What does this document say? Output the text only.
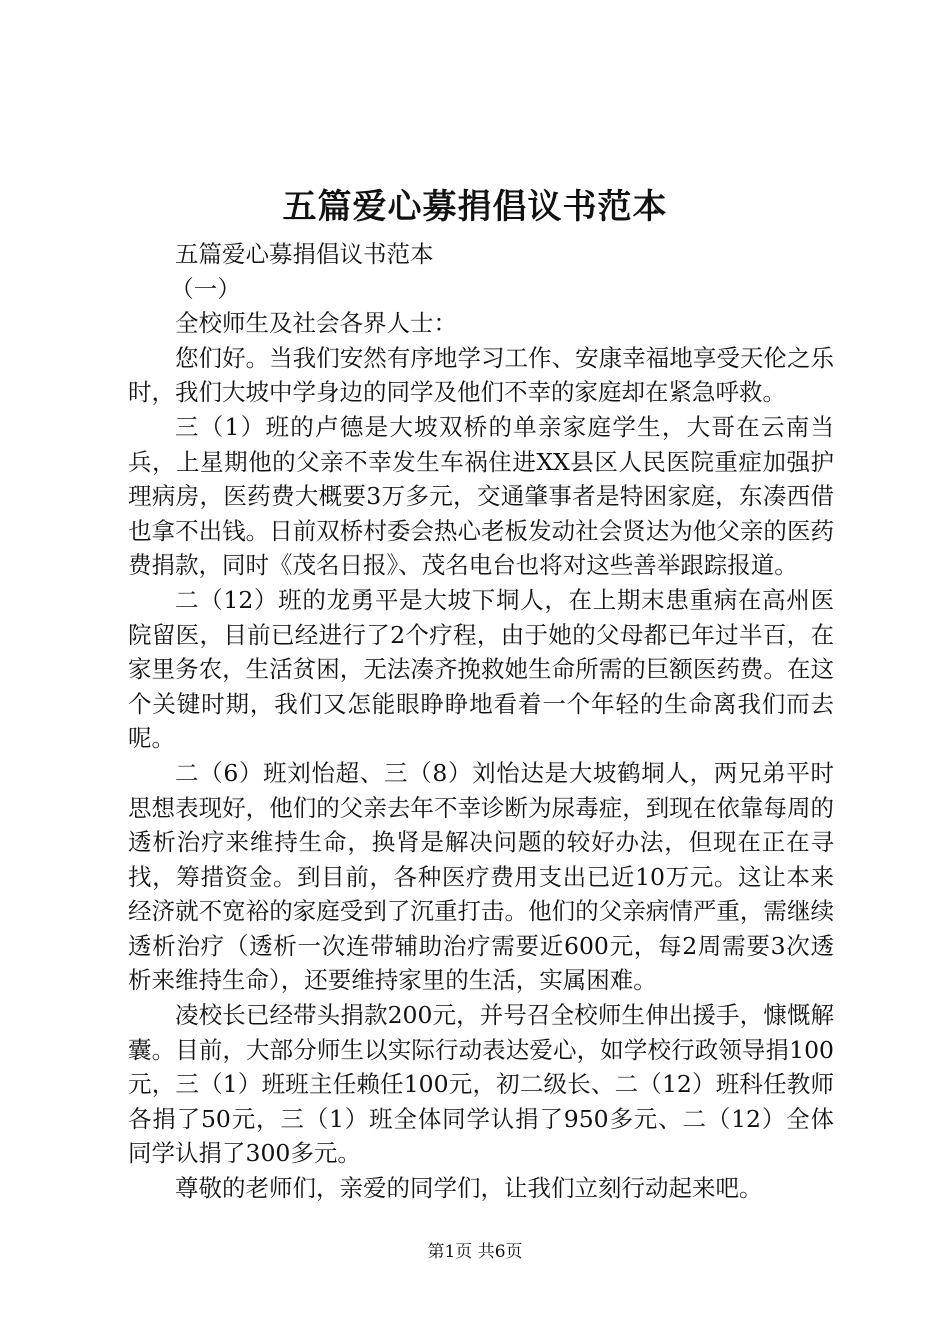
五篇爱心募捐倡议书范本

五篇爱心募捐倡议书范本

（一）

全校师生及社会各界人士：

您们好。当我们安然有序地学习工作、安康幸福地享受天伦之乐时，我们大坡中学身边的同学及他们不幸的家庭却在紧急呼救。

三（1）班的卢德是大坡双桥的单亲家庭学生，大哥在云南当兵，上星期他的父亲不幸发生车祸住进XX县区人民医院重症加强护理病房，医药费大概要3万多元，交通肇事者是特困家庭，东凑西借也拿不出钱。日前双桥村委会热心老板发动社会贤达为他父亲的医药费捐款，同时《茂名日报》、茂名电台也将对这些善举跟踪报道。

二（12）班的龙勇平是大坡下垌人，在上期末患重病在高州医院留医，目前已经进行了2个疗程，由于她的父母都已年过半百，在家里务农，生活贫困，无法凑齐挽救她生命所需的巨额医药费。在这个关键时期，我们又怎能眼睁睁地看着一个年轻的生命离我们而去呢。

二（6）班刘怡超、三（8）刘怡达是大坡鹤垌人，两兄弟平时思想表现好，他们的父亲去年不幸诊断为尿毒症，到现在依靠每周的透析治疗来维持生命，换肾是解决问题的较好办法，但现在正在寻找，筹措资金。到目前，各种医疗费用支出已近10万元。这让本来经济就不宽裕的家庭受到了沉重打击。他们的父亲病情严重，需继续透析治疗（透析一次连带辅助治疗需要近600元，每2周需要3次透析来维持生命），还要维持家里的生活，实属困难。

凌校长已经带头捐款200元，并号召全校师生伸出援手，慷慨解囊。目前，大部分师生以实际行动表达爱心，如学校行政领导捐100元，三（1）班班主任赖任100元，初二级长、二（12）班科任教师各捐了50元，三（1）班全体同学认捐了950多元、二（12）全体同学认捐了300多元。

尊敬的老师们，亲爱的同学们，让我们立刻行动起来吧。

第1页 共6页
